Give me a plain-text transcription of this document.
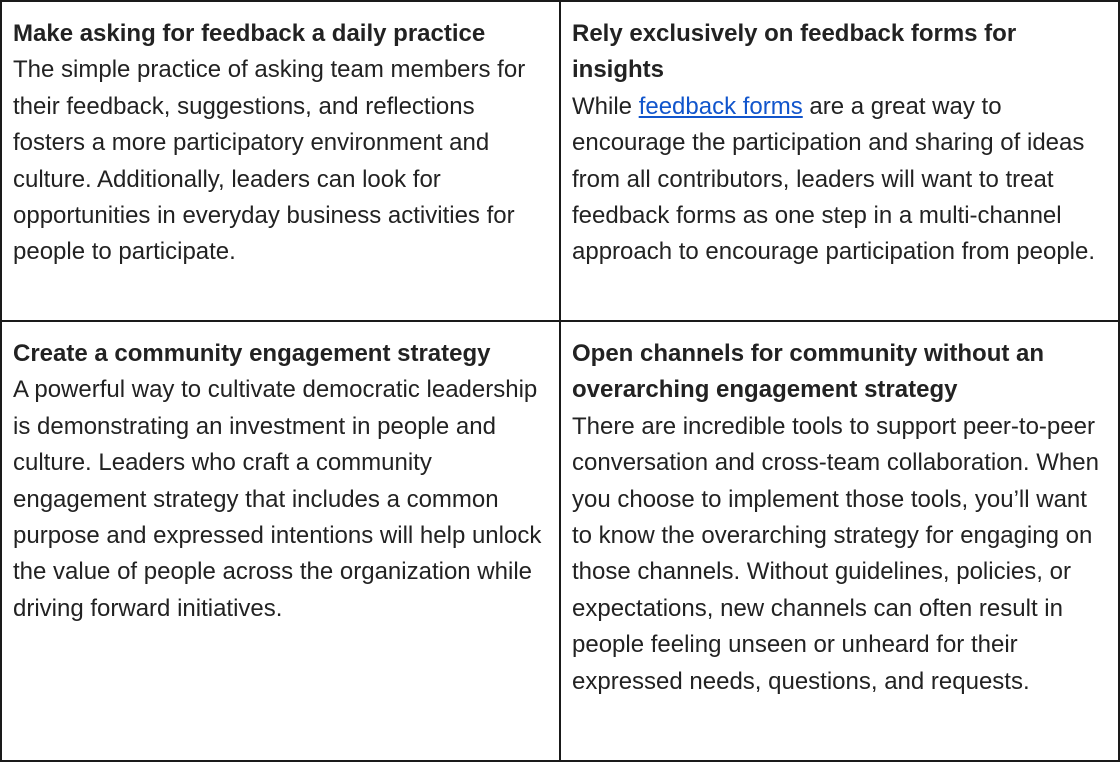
Make asking for feedback a daily practice
The simple practice of asking team members for their feedback, suggestions, and reflections fosters a more participatory environment and culture. Additionally, leaders can look for opportunities in everyday business activities for people to participate.
Rely exclusively on feedback forms for insights
While feedback forms are a great way to encourage the participation and sharing of ideas from all contributors, leaders will want to treat feedback forms as one step in a multi-channel approach to encourage participation from people.
Create a community engagement strategy
A powerful way to cultivate democratic leadership is demonstrating an investment in people and culture. Leaders who craft a community engagement strategy that includes a common purpose and expressed intentions will help unlock the value of people across the organization while driving forward initiatives.
Open channels for community without an overarching engagement strategy
There are incredible tools to support peer-to-peer conversation and cross-team collaboration. When you choose to implement those tools, you’ll want to know the overarching strategy for engaging on those channels. Without guidelines, policies, or expectations, new channels can often result in people feeling unseen or unheard for their expressed needs, questions, and requests.
